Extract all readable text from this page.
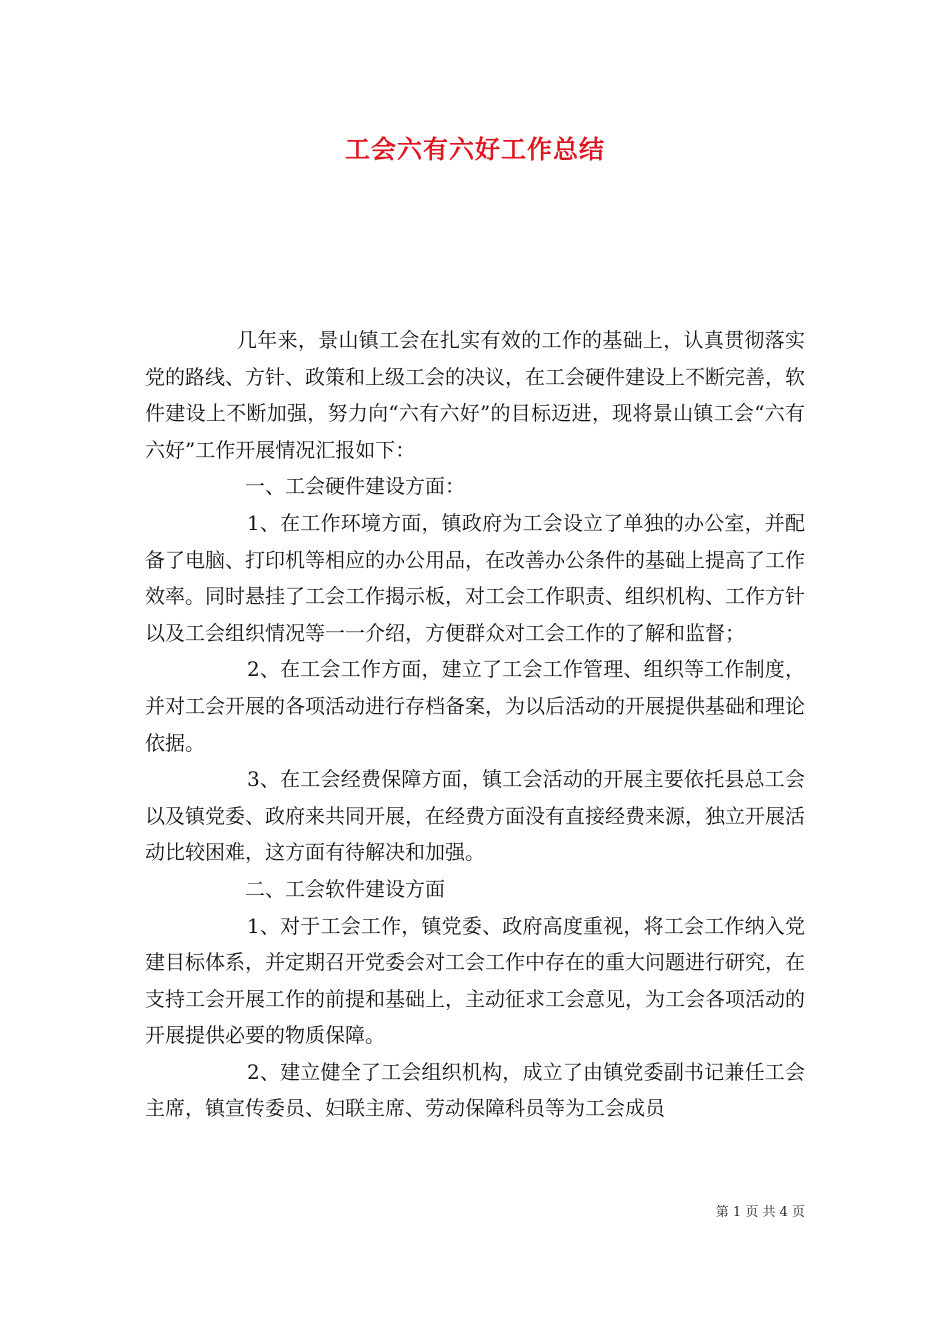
工会六有六好工作总结

几年来，景山镇工会在扎实有效的工作的基础上，认真贯彻落实党的路线、方针、政策和上级工会的决议，在工会硬件建设上不断完善，软件建设上不断加强，努力向“六有六好”的目标迈进，现将景山镇工会“六有六好”工作开展情况汇报如下：

一、工会硬件建设方面：

1、在工作环境方面，镇政府为工会设立了单独的办公室，并配备了电脑、打印机等相应的办公用品，在改善办公条件的基础上提高了工作效率。同时悬挂了工会工作揭示板，对工会工作职责、组织机构、工作方针以及工会组织情况等一一介绍，方便群众对工会工作的了解和监督；

2、在工会工作方面，建立了工会工作管理、组织等工作制度，并对工会开展的各项活动进行存档备案，为以后活动的开展提供基础和理论依据。

3、在工会经费保障方面，镇工会活动的开展主要依托县总工会以及镇党委、政府来共同开展，在经费方面没有直接经费来源，独立开展活动比较困难，这方面有待解决和加强。

二、工会软件建设方面

1、对于工会工作，镇党委、政府高度重视，将工会工作纳入党建目标体系，并定期召开党委会对工会工作中存在的重大问题进行研究，在支持工会开展工作的前提和基础上，主动征求工会意见，为工会各项活动的开展提供必要的物质保障。

2、建立健全了工会组织机构，成立了由镇党委副书记兼任工会主席，镇宣传委员、妇联主席、劳动保障科员等为工会成员

第 1 页 共 4 页
